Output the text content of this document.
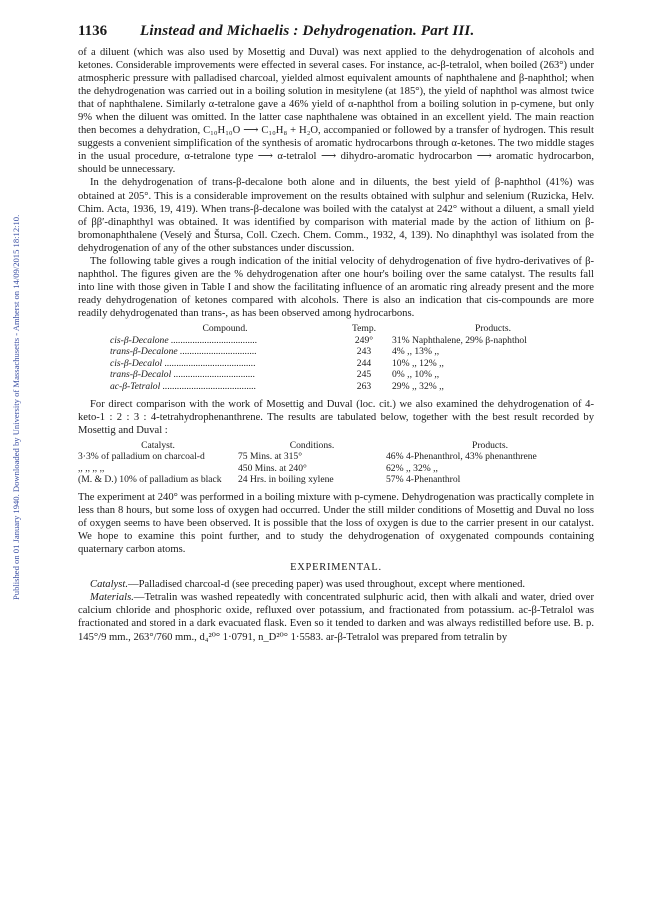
Published on 01 January 1940. Downloaded by University of Massachusetts - Amherst on 14/09/2015 18:12:10.
1136	Linstead and Michaelis : Dehydrogenation. Part III.

of a diluent (which was also used by Mosettig and Duval) was next applied to the dehydrogenation of alcohols and ketones. Considerable improvements were effected in several cases. For instance, ac-β-tetralol, when boiled (263°) under atmospheric pressure with palladised charcoal, yielded almost equivalent amounts of naphthalene and β-naphthol; when the dehydrogenation was carried out in a boiling solution in mesitylene (at 185°), the yield of naphthol was almost twice that of naphthalene. Similarly α-tetralone gave a 46% yield of α-naphthol from a boiling solution in p-cymene, but only 9% when the diluent was omitted. In the latter case naphthalene was obtained in an excellent yield. The main reaction then becomes a dehydration, C₁₀H₁₀O ⟶ C₁₀H₈ + H₂O, accompanied or followed by a transfer of hydrogen. This result suggests a convenient simplification of the synthesis of aromatic hydrocarbons through α-ketones. The two middle stages in the usual procedure, α-tetralone type ⟶ α-tetralol ⟶ dihydro-aromatic hydrocarbon ⟶ aromatic hydrocarbon, should be unnecessary.

In the dehydrogenation of trans-β-decalone both alone and in diluents, the best yield of β-naphthol (41%) was obtained at 205°. This is a considerable improvement on the results obtained with sulphur and selenium (Ruzicka, Helv. Chim. Acta, 1936, 19, 419). When trans-β-decalone was boiled with the catalyst at 242° without a diluent, a small yield of ββ′-dinaphthyl was obtained. It was identified by comparison with material made by the action of lithium on β-bromonaphthalene (Veselý and Štursa, Coll. Czech. Chem. Comm., 1932, 4, 139). No dinaphthyl was isolated from the dehydrogenation of any of the other substances under discussion.

The following table gives a rough indication of the initial velocity of dehydrogenation of five hydro-derivatives of β-naphthol. The figures given are the % dehydrogenation after one hour's boiling over the same catalyst. The results fall into line with those given in Table I and show the facilitating influence of an aromatic ring already present and the more ready dehydrogenation of ketones compared with alcohols. There is also an indication that cis-compounds are more readily dehydrogenated than trans-, as has been observed among hydrocarbons.

Compound.	Temp.	Products.
cis-β-Decalone ....................................	249°	31% Naphthalene, 29% β-naphthol
trans-β-Decalone ................................	243	4% ,, 13% ,,
cis-β-Decalol ......................................	244	10% ,, 12% ,,
trans-β-Decalol ..................................	245	0% ,, 10% ,,
ac-β-Tetralol .......................................	263	29% ,, 32% ,,

For direct comparison with the work of Mosettig and Duval (loc. cit.) we also examined the dehydrogenation of 4-keto-1 : 2 : 3 : 4-tetrahydrophenanthrene. The results are tabulated below, together with the best result recorded by Mosettig and Duval :

Catalyst.	Conditions.	Products.
3·3% of palladium on charcoal-d	75 Mins. at 315°	46% 4-Phenanthrol, 43% phenanthrene
,, ,, ,, ,,	450 Mins. at 240°	62% ,, 32% ,,
(M. & D.) 10% of palladium as black	24 Hrs. in boiling xylene	57% 4-Phenanthrol

The experiment at 240° was performed in a boiling mixture with p-cymene. Dehydrogenation was practically complete in less than 8 hours, but some loss of oxygen had occurred. Under the still milder conditions of Mosettig and Duval no loss of oxygen seems to have been observed. It is possible that the loss of oxygen is due to the carrier present in our catalyst. We hope to examine this point further, and to study the dehydrogenation of oxygenated compounds containing quaternary carbon atoms.

EXPERIMENTAL.

Catalyst.—Palladised charcoal-d (see preceding paper) was used throughout, except where mentioned.

Materials.—Tetralin was washed repeatedly with concentrated sulphuric acid, then with alkali and water, dried over calcium chloride and phosphoric oxide, refluxed over potassium, and fractionated from potassium. ac-β-Tetralol was fractionated and stored in a dark evacuated flask. Even so it tended to darken and was always redistilled before use. B. p. 145°/9 mm., 263°/760 mm., d₄²⁰° 1·0791, n_D²⁰° 1·5583. ar-β-Tetralol was prepared from tetralin by
